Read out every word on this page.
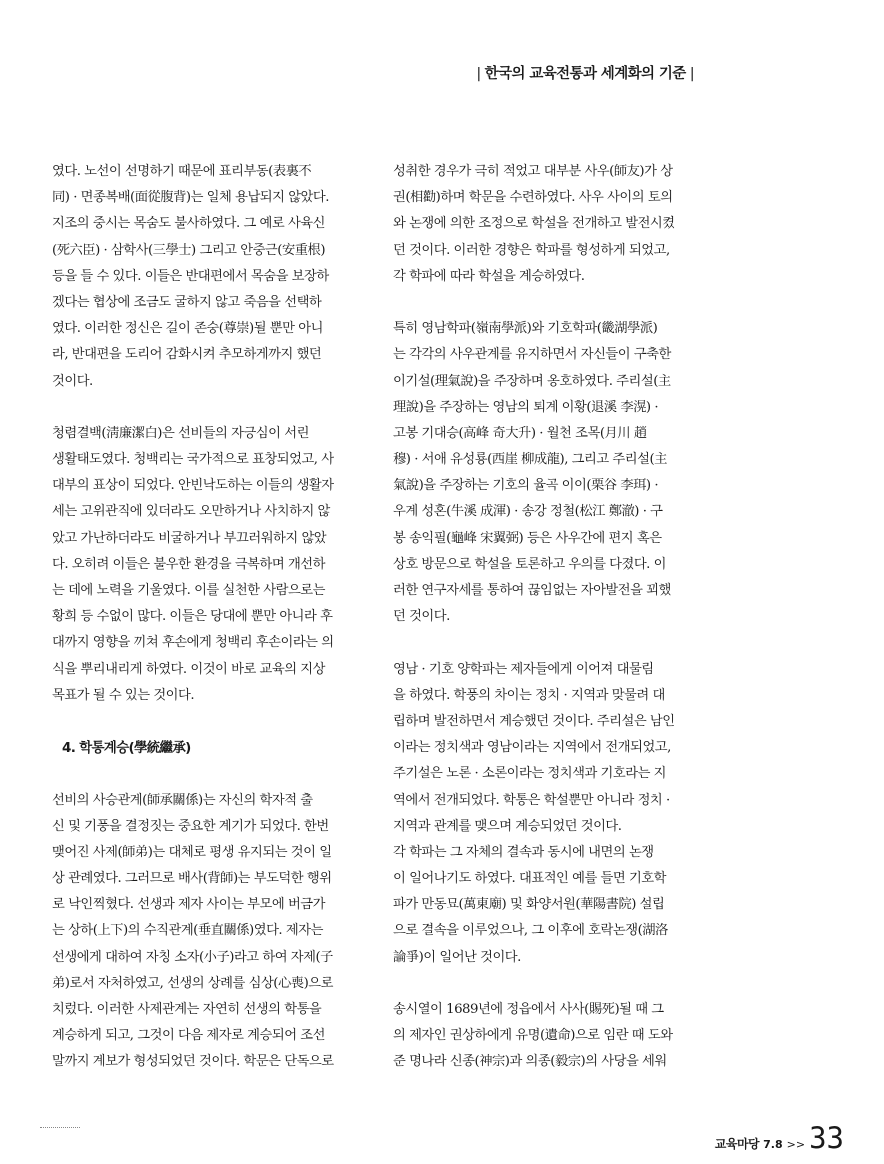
| 한국의 교육전통과 세계화의 기준 |
였다. 노선이 선명하기 때문에 표리부동(表裏不
同) · 면종복배(面從腹背)는 일체 용납되지 않았다.
지조의 중시는 목숨도 불사하였다. 그 예로 사육신
(死六臣) · 삼학사(三學士) 그리고 안중근(安重根)
등을 들 수 있다. 이들은 반대편에서 목숨을 보장하
겠다는 협상에 조금도 굴하지 않고 죽음을 선택하
였다. 이러한 정신은 길이 존숭(尊崇)될 뿐만 아니
라, 반대편을 도리어 감화시켜 추모하게까지 했던
것이다.
청렴결백(淸廉潔白)은 선비들의 자긍심이 서린
생활태도였다. 청백리는 국가적으로 표창되었고, 사
대부의 표상이 되었다. 안빈낙도하는 이들의 생활자
세는 고위관직에 있더라도 오만하거나 사치하지 않
았고 가난하더라도 비굴하거나 부끄러워하지 않았
다. 오히려 이들은 불우한 환경을 극복하며 개선하
는 데에 노력을 기울였다. 이를 실천한 사람으로는
황희 등 수없이 많다. 이들은 당대에 뿐만 아니라 후
대까지 영향을 끼쳐 후손에게 청백리 후손이라는 의
식을 뿌리내리게 하였다. 이것이 바로 교육의 지상
목표가 될 수 있는 것이다.
4. 학통계승(學統繼承)
선비의 사승관계(師承關係)는 자신의 학자적 출
신 및 기풍을 결정짓는 중요한 계기가 되었다. 한번
맺어진 사제(師弟)는 대체로 평생 유지되는 것이 일
상 관례였다. 그러므로 배사(背師)는 부도덕한 행위
로 낙인찍혔다. 선생과 제자 사이는 부모에 버금가
는 상하(上下)의 수직관계(垂直關係)였다. 제자는
선생에게 대하여 자칭 소자(小子)라고 하여 자제(子
弟)로서 자처하였고, 선생의 상례를 심상(心喪)으로
치렀다. 이러한 사제관계는 자연히 선생의 학통을
계승하게 되고, 그것이 다음 제자로 계승되어 조선
말까지 계보가 형성되었던 것이다. 학문은 단독으로
성취한 경우가 극히 적었고 대부분 사우(師友)가 상
권(相勸)하며 학문을 수련하였다. 사우 사이의 토의
와 논쟁에 의한 조정으로 학설을 전개하고 발전시켰
던 것이다. 이러한 경향은 학파를 형성하게 되었고,
각 학파에 따라 학설을 계승하였다.
특히 영남학파(嶺南學派)와 기호학파(畿湖學派)
는 각각의 사우관계를 유지하면서 자신들이 구축한
이기설(理氣說)을 주장하며 옹호하였다. 주리설(主
理說)을 주장하는 영남의 퇴계 이황(退溪 李滉) ·
고봉 기대승(高峰 奇大升) · 월천 조목(月川 趙
穆) · 서애 유성룡(西崖 柳成龍), 그리고 주리설(主
氣說)을 주장하는 기호의 율곡 이이(栗谷 李珥) ·
우계 성혼(牛溪 成渾) · 송강 정철(松江 鄭澈) · 구
봉 송익필(龜峰 宋翼弼) 등은 사우간에 편지 혹은
상호 방문으로 학설을 토론하고 우의를 다졌다. 이
러한 연구자세를 통하여 끊임없는 자아발전을 꾀했
던 것이다.
영남 · 기호 양학파는 제자들에게 이어져 대물림
을 하였다. 학풍의 차이는 정치 · 지역과 맞물려 대
립하며 발전하면서 계승했던 것이다. 주리설은 남인
이라는 정치색과 영남이라는 지역에서 전개되었고,
주기설은 노론 · 소론이라는 정치색과 기호라는 지
역에서 전개되었다. 학통은 학설뿐만 아니라 정치 ·
지역과 관계를 맺으며 계승되었던 것이다.
각 학파는 그 자체의 결속과 동시에 내면의 논쟁
이 일어나기도 하였다. 대표적인 예를 들면 기호학
파가 만동묘(萬東廟) 및 화양서원(華陽書院) 설립
으로 결속을 이루었으나, 그 이후에 호락논쟁(湖洛
論爭)이 일어난 것이다.
송시열이 1689년에 정읍에서 사사(賜死)될 때 그
의 제자인 권상하에게 유명(遺命)으로 임란 때 도와
준 명나라 신종(神宗)과 의종(毅宗)의 사당을 세워
교육마당 7.8 >> 33
